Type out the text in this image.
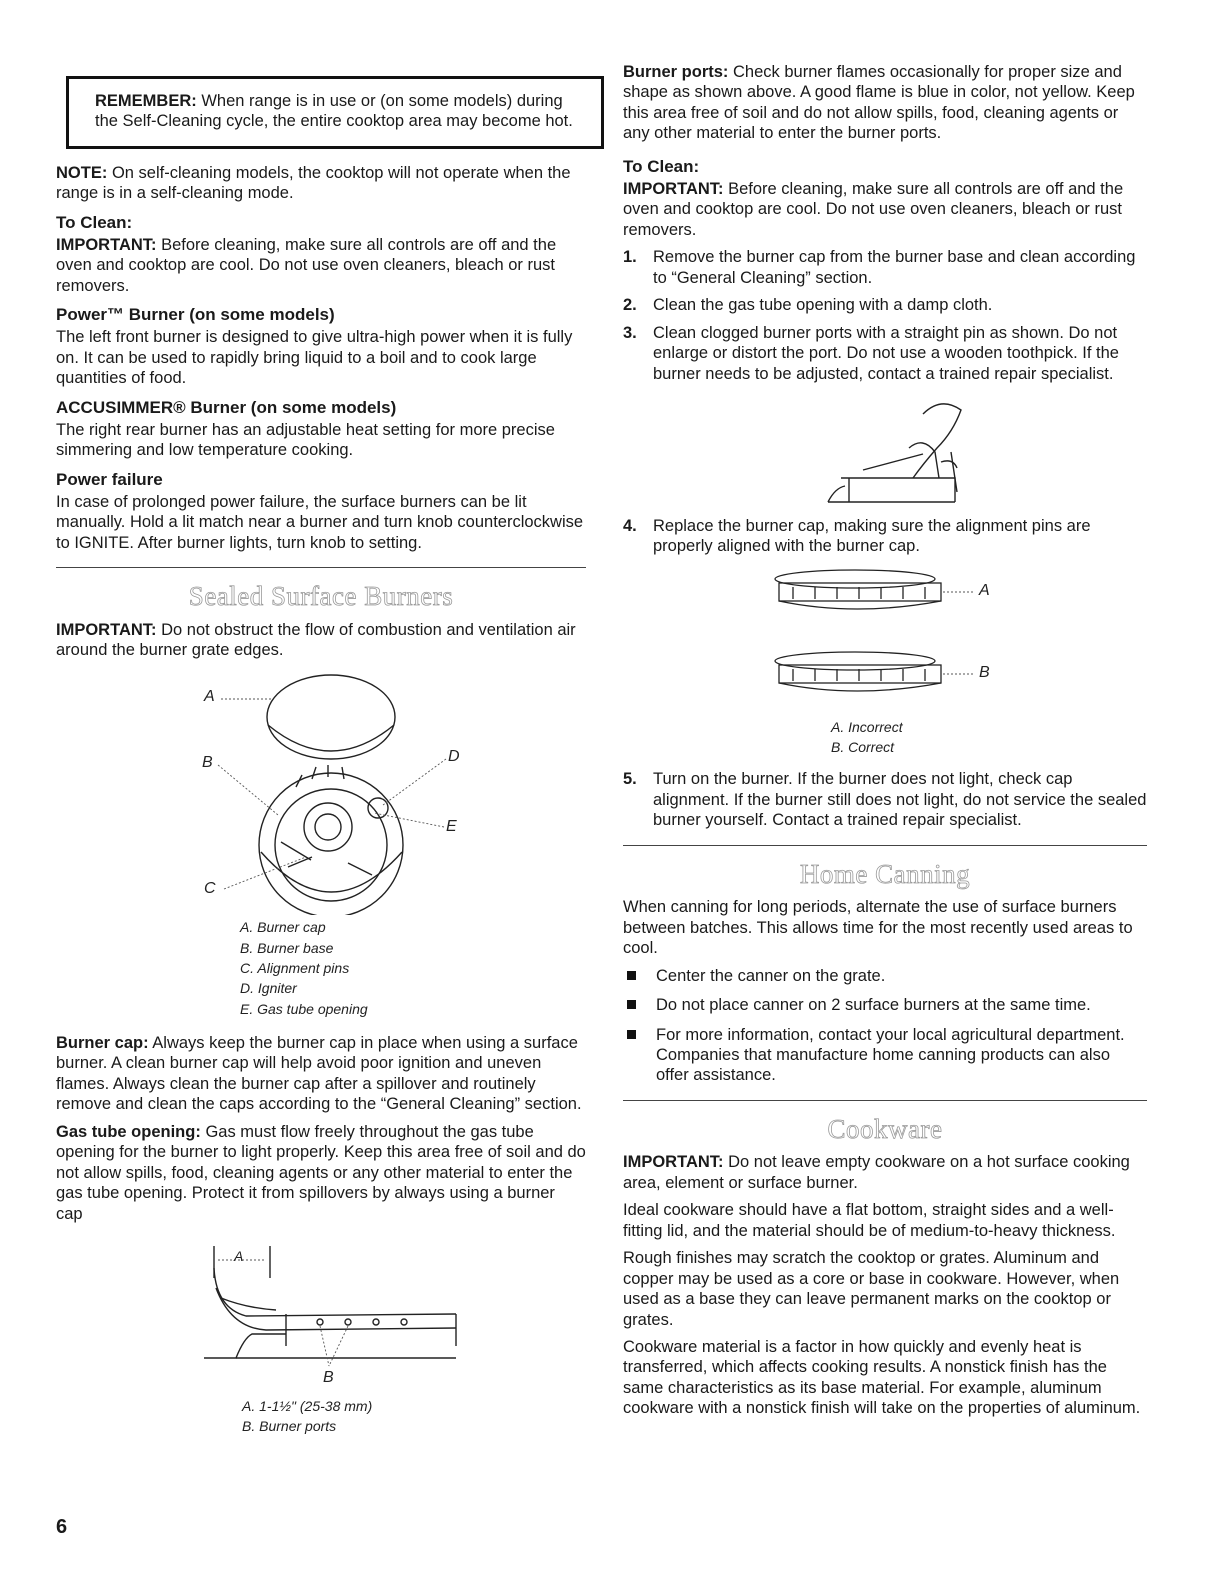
REMEMBER: When range is in use or (on some models) during the Self-Cleaning cycle, the entire cooktop area may become hot.

NOTE: On self-cleaning models, the cooktop will not operate when the range is in a self-cleaning mode.

To Clean:

IMPORTANT: Before cleaning, make sure all controls are off and the oven and cooktop are cool. Do not use oven cleaners, bleach or rust removers.

Power™ Burner (on some models)

The left front burner is designed to give ultra-high power when it is fully on. It can be used to rapidly bring liquid to a boil and to cook large quantities of food.

ACCUSIMMER® Burner (on some models)

The right rear burner has an adjustable heat setting for more precise simmering and low temperature cooking.

Power failure

In case of prolonged power failure, the surface burners can be lit manually. Hold a lit match near a burner and turn knob counterclockwise to IGNITE. After burner lights, turn knob to setting.

Sealed Surface Burners

IMPORTANT: Do not obstruct the flow of combustion and ventilation air around the burner grate edges.

A
B	D
E
C
A. Burner cap
B. Burner base
C. Alignment pins
D. Igniter
E. Gas tube opening

Burner cap: Always keep the burner cap in place when using a surface burner. A clean burner cap will help avoid poor ignition and uneven flames. Always clean the burner cap after a spillover and routinely remove and clean the caps according to the “General Cleaning” section.

Gas tube opening: Gas must flow freely throughout the gas tube opening for the burner to light properly. Keep this area free of soil and do not allow spills, food, cleaning agents or any other material to enter the gas tube opening. Protect it from spillovers by always using a burner cap

A
B
A. 1-1½" (25-38 mm)
B. Burner ports

Burner ports: Check burner flames occasionally for proper size and shape as shown above. A good flame is blue in color, not yellow. Keep this area free of soil and do not allow spills, food, cleaning agents or any other material to enter the burner ports.

To Clean:

IMPORTANT: Before cleaning, make sure all controls are off and the oven and cooktop are cool. Do not use oven cleaners, bleach or rust removers.

1. Remove the burner cap from the burner base and clean according to “General Cleaning” section.
2. Clean the gas tube opening with a damp cloth.
3. Clean clogged burner ports with a straight pin as shown. Do not enlarge or distort the port. Do not use a wooden toothpick. If the burner needs to be adjusted, contact a trained repair specialist.
4. Replace the burner cap, making sure the alignment pins are properly aligned with the burner cap.
A
B
A. Incorrect
B. Correct
5. Turn on the burner. If the burner does not light, check cap alignment. If the burner still does not light, do not service the sealed burner yourself. Contact a trained repair specialist.
Home Canning

When canning for long periods, alternate the use of surface burners between batches. This allows time for the most recently used areas to cool.

Center the canner on the grate.
Do not place canner on 2 surface burners at the same time.
For more information, contact your local agricultural department. Companies that manufacture home canning products can also offer assistance.
Cookware

IMPORTANT: Do not leave empty cookware on a hot surface cooking area, element or surface burner.

Ideal cookware should have a flat bottom, straight sides and a well-fitting lid, and the material should be of medium-to-heavy thickness.

Rough finishes may scratch the cooktop or grates. Aluminum and copper may be used as a core or base in cookware. However, when used as a base they can leave permanent marks on the cooktop or grates.

Cookware material is a factor in how quickly and evenly heat is transferred, which affects cooking results. A nonstick finish has the same characteristics as its base material. For example, aluminum cookware with a nonstick finish will take on the properties of aluminum.

6
